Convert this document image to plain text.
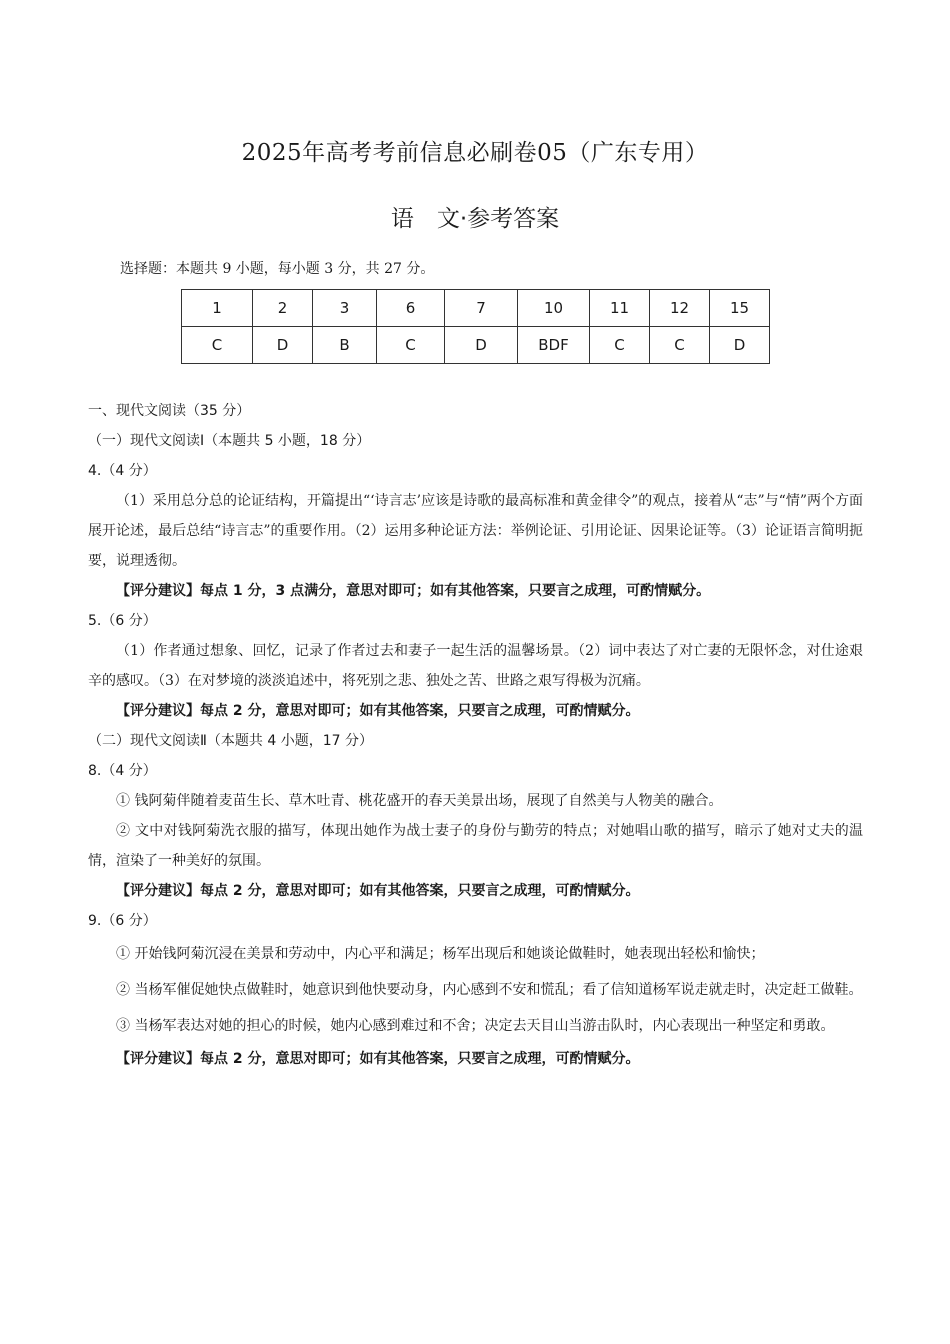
2025年高考考前信息必刷卷05（广东专用）
语　文·参考答案
选择题：本题共 9 小题，每小题 3 分，共 27 分。
1	2	3	6	7	10	11	12	15
C	D	B	C	D	BDF	C	C	D
一、现代文阅读（35 分）
（一）现代文阅读Ⅰ（本题共 5 小题，18 分）
4.（4 分）
（1）采用总分总的论证结构，开篇提出“‘诗言志’应该是诗歌的最高标准和黄金律令”的观点，接着从“志”与“情”两个方面展开论述，最后总结“诗言志”的重要作用。（2）运用多种论证方法：举例论证、引用论证、因果论证等。（3）论证语言简明扼要，说理透彻。
【评分建议】每点 1 分，3 点满分，意思对即可；如有其他答案，只要言之成理，可酌情赋分。
5.（6 分）
（1）作者通过想象、回忆，记录了作者过去和妻子一起生活的温馨场景。（2）词中表达了对亡妻的无限怀念，对仕途艰辛的感叹。（3）在对梦境的淡淡追述中，将死别之悲、独处之苦、世路之艰写得极为沉痛。
【评分建议】每点 2 分，意思对即可；如有其他答案，只要言之成理，可酌情赋分。
（二）现代文阅读Ⅱ（本题共 4 小题，17 分）
8.（4 分）
① 钱阿菊伴随着麦苗生长、草木吐青、桃花盛开的春天美景出场，展现了自然美与人物美的融合。
② 文中对钱阿菊洗衣服的描写，体现出她作为战士妻子的身份与勤劳的特点；对她唱山歌的描写，暗示了她对丈夫的温情，渲染了一种美好的氛围。
【评分建议】每点 2 分，意思对即可；如有其他答案，只要言之成理，可酌情赋分。
9.（6 分）
① 开始钱阿菊沉浸在美景和劳动中，内心平和满足；杨军出现后和她谈论做鞋时，她表现出轻松和愉快；
② 当杨军催促她快点做鞋时，她意识到他快要动身，内心感到不安和慌乱；看了信知道杨军说走就走时，决定赶工做鞋。
③ 当杨军表达对她的担心的时候，她内心感到难过和不舍；决定去天目山当游击队时，内心表现出一种坚定和勇敢。
【评分建议】每点 2 分，意思对即可；如有其他答案，只要言之成理，可酌情赋分。
